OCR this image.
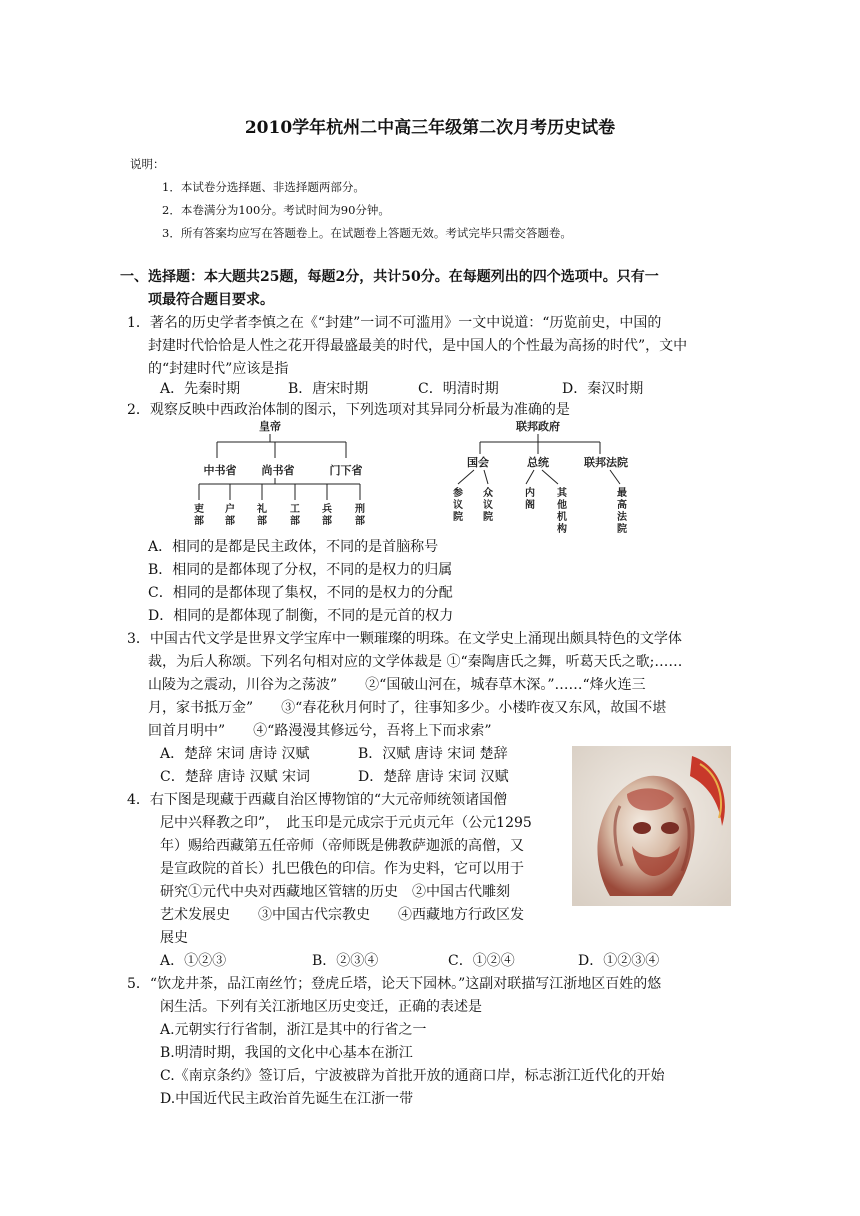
2010学年杭州二中高三年级第二次月考历史试卷
说明：
1．本试卷分选择题、非选择题两部分。
2．本卷满分为100分。考试时间为90分钟。
3．所有答案均应写在答题卷上。在试题卷上答题无效。考试完毕只需交答题卷。
一、选择题：本大题共25题，每题2分，共计50分。在每题列出的四个选项中。只有一
项最符合题目要求。
1．著名的历史学者李慎之在《“封建”一词不可滥用》一文中说道：“历览前史，中国的
封建时代恰恰是人性之花开得最盛最美的时代，是中国人的个性最为高扬的时代”，文中
的“封建时代”应该是指
A．先秦时期	B．唐宋时期	C．明清时期	D．秦汉时期
2．观察反映中西政治体制的图示，下列选项对其异同分析最为准确的是
皇帝
中书省 尚书省	门下省
吏部
户部
礼部
工部
兵部
刑部
联邦政府
国会	总统	联邦法院
参议院
众议院
内阁
其他机构
最高法院
A．相同的是都是民主政体，不同的是首脑称号
B．相同的是都体现了分权，不同的是权力的归属
C．相同的是都体现了集权，不同的是权力的分配
D．相同的是都体现了制衡，不同的是元首的权力
3．中国古代文学是世界文学宝库中一颗璀璨的明珠。在文学史上涌现出颇具特色的文学体
裁，为后人称颂。下列名句相对应的文学体裁是 ①“秦陶唐氏之舞，听葛天氏之歌;……
山陵为之震动，川谷为之荡波”　　②“国破山河在，城春草木深。”……“烽火连三
月，家书抵万金”　　③“春花秋月何时了，往事知多少。小楼昨夜又东风，故国不堪
回首月明中”　　④“路漫漫其修远兮，吾将上下而求索”
A．楚辞 宋词 唐诗 汉赋	B．汉赋 唐诗 宋词 楚辞
C．楚辞 唐诗 汉赋 宋词	D．楚辞 唐诗 宋词 汉赋
4．右下图是现藏于西藏自治区博物馆的“大元帝师统领诸国僧
尼中兴释教之印”，　此玉印是元成宗于元贞元年（公元1295
年）赐给西藏第五任帝师（帝师既是佛教萨迦派的高僧，又
是宣政院的首长）扎巴俄色的印信。作为史料，它可以用于
研究①元代中央对西藏地区管辖的历史　②中国古代雕刻
艺术发展史　　③中国古代宗教史　　④西藏地方行政区发
展史
A．①②③	B．②③④	C．①②④	D．①②③④
5．“饮龙井茶，品江南丝竹；登虎丘塔，论天下园林。”这副对联描写江浙地区百姓的悠
闲生活。下列有关江浙地区历史变迁，正确的表述是
A.元朝实行行省制，浙江是其中的行省之一
B.明清时期，我国的文化中心基本在浙江
C.《南京条约》签订后，宁波被辟为首批开放的通商口岸，标志浙江近代化的开始
D.中国近代民主政治首先诞生在江浙一带
